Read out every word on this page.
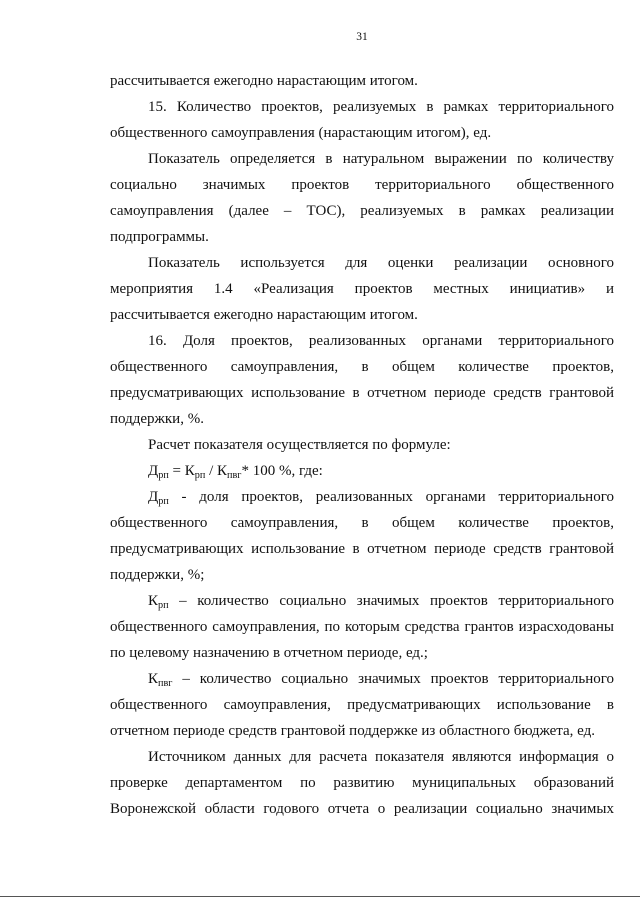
31
рассчитывается ежегодно нарастающим итогом.
15. Количество проектов, реализуемых в рамках территориального
общественного самоуправления (нарастающим итогом), ед.
Показатель определяется в натуральном выражении по количеству
социально значимых проектов территориального общественного
самоуправления (далее – ТОС), реализуемых в рамках реализации
подпрограммы.
Показатель используется для оценки реализации основного
мероприятия 1.4 «Реализация проектов местных инициатив» и
рассчитывается ежегодно нарастающим итогом.
16. Доля проектов, реализованных органами территориального
общественного самоуправления, в общем количестве проектов,
предусматривающих использование в отчетном периоде средств грантовой
поддержки, %.
Расчет показателя осуществляется по формуле:
$Д_{рп} = К_{рп} / К_{пвг}*$ 100 %, где:
$Д_{рп}$ - доля проектов, реализованных органами территориального
общественного самоуправления, в общем количестве проектов,
предусматривающих использование в отчетном периоде средств грантовой
поддержки, %;
$К_{рп}$ – количество социально значимых проектов территориального
общественного самоуправления, по которым средства грантов израсходованы
по целевому назначению в отчетном периоде, ед.;
$К_{пвг}$ – количество социально значимых проектов территориального
общественного самоуправления, предусматривающих использование в
отчетном периоде средств грантовой поддержке из областного бюджета, ед.
Источником данных для расчета показателя являются информация о
проверке департаментом по развитию муниципальных образований
Воронежской области годового отчета о реализации социально значимых
